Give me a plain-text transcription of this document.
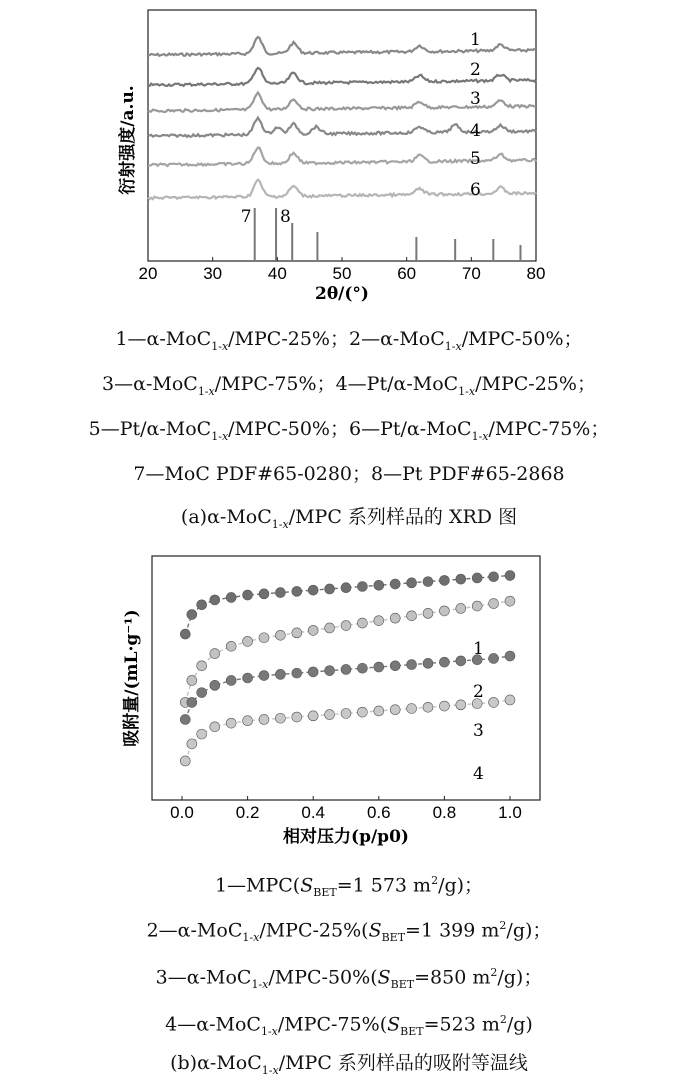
1
2
3
4
5
6
7 8
20	30	40	50	60	70	80
2θ/(°)
衍射强度/a.u.
1
2
3
4
0.0 0.2 0.4 0.6 0.8 1.0
相对压力(p/p0)
吸附量/(mL·g⁻¹)
1—α-MoC$_{1-x}$/MPC-25%；2—α-MoC$_{1-x}$/MPC-50%；
3—α-MoC$_{1-x}$/MPC-75%；4—Pt/α-MoC$_{1-x}$/MPC-25%；
5—Pt/α-MoC$_{1-x}$/MPC-50%；6—Pt/α-MoC$_{1-x}$/MPC-75%；
7—MoC PDF#65-0280；8—Pt PDF#65-2868
(a)α-MoC$_{1-x}$/MPC 系列样品的 XRD 图
$1—MPC(S_{BET}=1$ 573 $m^2/g$)；
$2—\alpha-MoC_{1-x}/MPC-25\%(S_{BET}=1$ 399 $m^2/g$)；
$3—\alpha-MoC_{1-x}/MPC-50\%(S_{BET}=850$ $m^2/g$)；
$4—\alpha-MoC_{1-x}/MPC-75\%(S_{BET}=523$ $m^2/g$)
(b)α-MoC$_{1-x}$/MPC 系列样品的吸附等温线
